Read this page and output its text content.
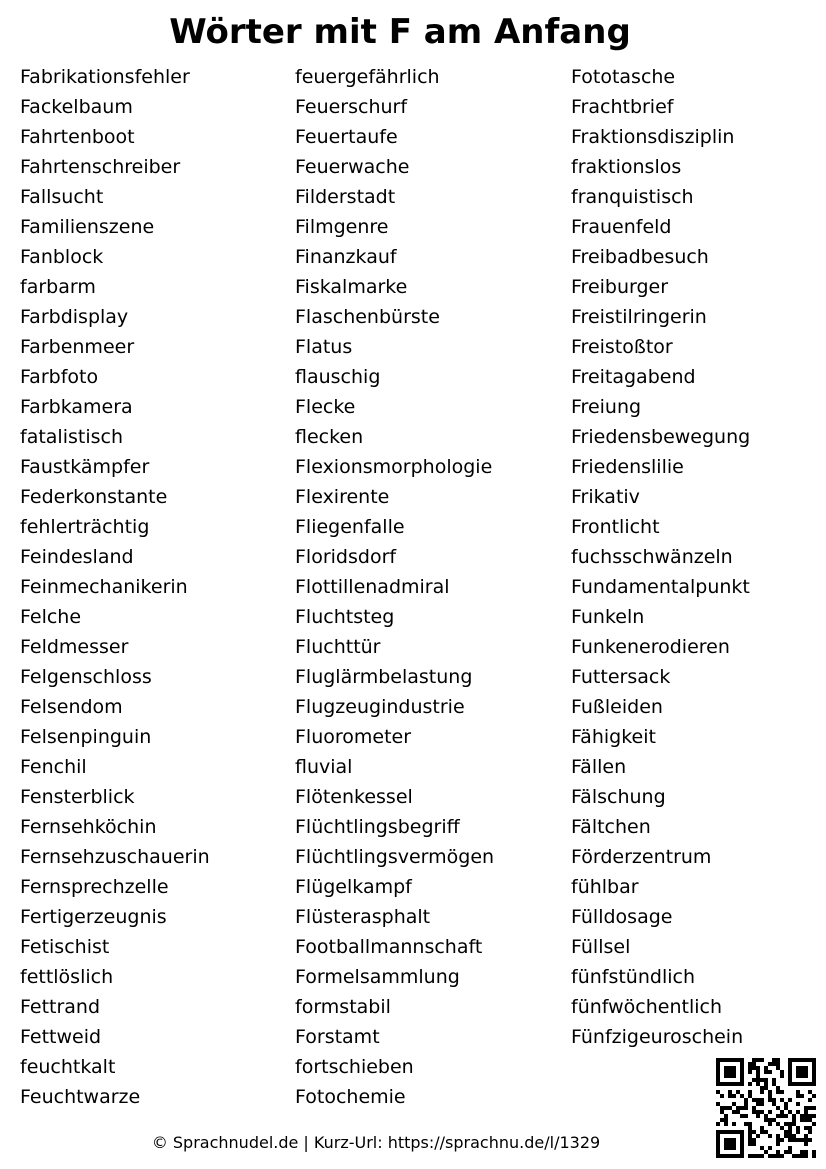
Wörter mit F am Anfang
Fabrikationsfehler
Fackelbaum
Fahrtenboot
Fahrtenschreiber
Fallsucht
Familienszene
Fanblock
farbarm
Farbdisplay
Farbenmeer
Farbfoto
Farbkamera
fatalistisch
Faustkämpfer
Federkonstante
fehlerträchtig
Feindesland
Feinmechanikerin
Felche
Feldmesser
Felgenschloss
Felsendom
Felsenpinguin
Fenchil
Fensterblick
Fernsehköchin
Fernsehzuschauerin
Fernsprechzelle
Fertigerzeugnis
Fetischist
fettlöslich
Fettrand
Fettweid
feuchtkalt
Feuchtwarze
feuergefährlich
Feuerschurf
Feuertaufe
Feuerwache
Filderstadt
Filmgenre
Finanzkauf
Fiskalmarke
Flaschenbürste
Flatus
flauschig
Flecke
flecken
Flexionsmorphologie
Flexirente
Fliegenfalle
Floridsdorf
Flottillenadmiral
Fluchtsteg
Fluchttür
Fluglärmbelastung
Flugzeugindustrie
Fluorometer
fluvial
Flötenkessel
Flüchtlingsbegriff
Flüchtlingsvermögen
Flügelkampf
Flüsterasphalt
Footballmannschaft
Formelsammlung
formstabil
Forstamt
fortschieben
Fotochemie
Fototasche
Frachtbrief
Fraktionsdisziplin
fraktionslos
franquistisch
Frauenfeld
Freibadbesuch
Freiburger
Freistilringerin
Freistoßtor
Freitagabend
Freiung
Friedensbewegung
Friedenslilie
Frikativ
Frontlicht
fuchsschwänzeln
Fundamentalpunkt
Funkeln
Funkenerodieren
Futtersack
Fußleiden
Fähigkeit
Fällen
Fälschung
Fältchen
Förderzentrum
fühlbar
Fülldosage
Füllsel
fünfstündlich
fünfwöchentlich
Fünfzigeuroschein
© Sprachnudel.de | Kurz-Url: https://sprachnu.de/l/1329
